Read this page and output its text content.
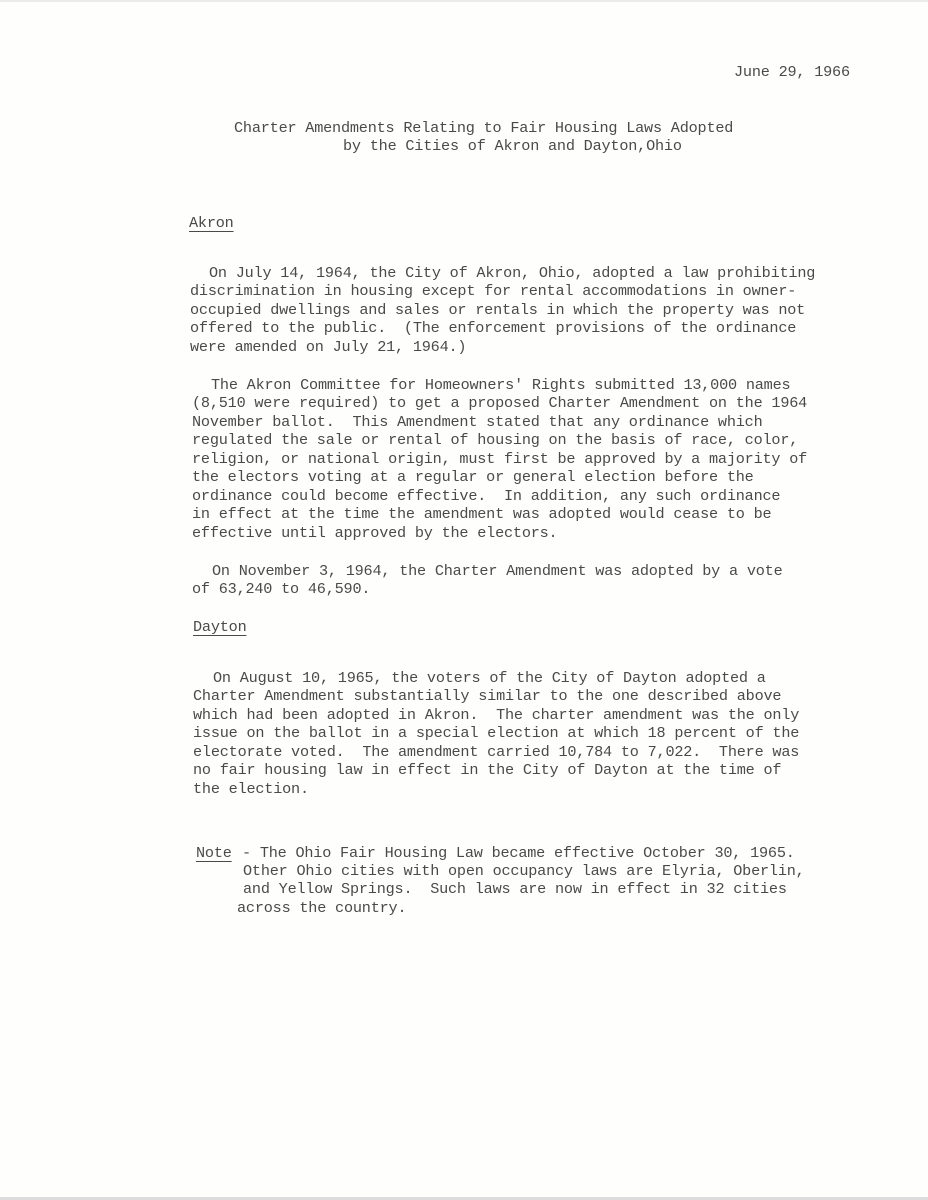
June 29, 1966
Charter Amendments Relating to Fair Housing Laws Adopted
by the Cities of Akron and Dayton,Ohio
Akron
On July 14, 1964, the City of Akron, Ohio, adopted a law prohibiting
discrimination in housing except for rental accommodations in owner-
occupied dwellings and sales or rentals in which the property was not
offered to the public.  (The enforcement provisions of the ordinance
were amended on July 21, 1964.)
The Akron Committee for Homeowners' Rights submitted 13,000 names
(8,510 were required) to get a proposed Charter Amendment on the 1964
November ballot.  This Amendment stated that any ordinance which
regulated the sale or rental of housing on the basis of race, color,
religion, or national origin, must first be approved by a majority of
the electors voting at a regular or general election before the
ordinance could become effective.  In addition, any such ordinance
in effect at the time the amendment was adopted would cease to be
effective until approved by the electors.
On November 3, 1964, the Charter Amendment was adopted by a vote
of 63,240 to 46,590.
Dayton
On August 10, 1965, the voters of the City of Dayton adopted a
Charter Amendment substantially similar to the one described above
which had been adopted in Akron.  The charter amendment was the only
issue on the ballot in a special election at which 18 percent of the
electorate voted.  The amendment carried 10,784 to 7,022.  There was
no fair housing law in effect in the City of Dayton at the time of
the election.
Note - The Ohio Fair Housing Law became effective October 30, 1965.
Other Ohio cities with open occupancy laws are Elyria, Oberlin,
and Yellow Springs.  Such laws are now in effect in 32 cities
across the country.
